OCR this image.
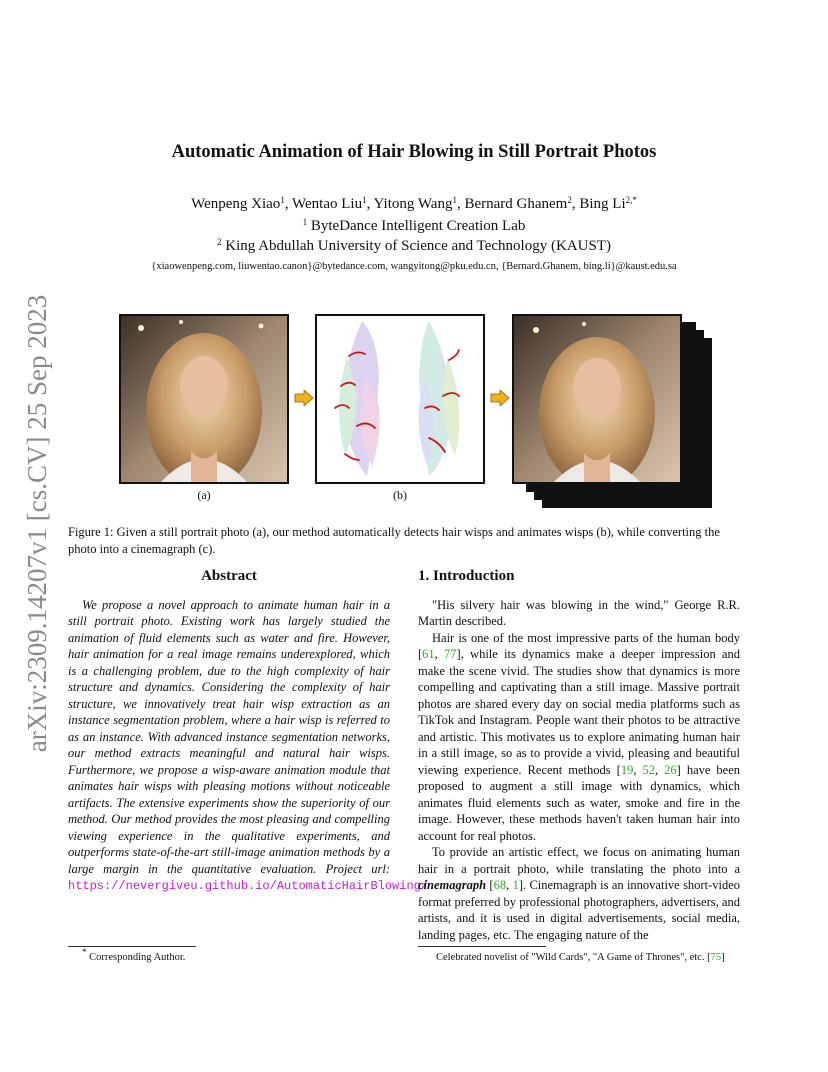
arXiv:2309.14207v1 [cs.CV] 25 Sep 2023
Automatic Animation of Hair Blowing in Still Portrait Photos
Wenpeng Xiao$^1$, Wentao Liu$^1$, Yitong Wang$^1$, Bernard Ghanem$^2$, Bing $Li^{2,*}$
$^1$ ByteDance Intelligent Creation Lab
$^2$ King Abdullah University of Science and Technology (KAUST)
{xiaowenpeng.com, liuwentao.canon}@bytedance.com, wangyitong@pku.edu.cn, {Bernard.Ghanem, bing.li}@kaust.edu.sa
(a)	(b)	(c)
Figure 1: Given a still portrait photo (a), our method automatically detects hair wisps and animates wisps (b), while converting the photo into a cinemagraph (c).
Abstract

We propose a novel approach to animate human hair in a still portrait photo. Existing work has largely studied the animation of fluid elements such as water and fire. However, hair animation for a real image remains underexplored, which is a challenging problem, due to the high complexity of hair structure and dynamics. Considering the complexity of hair structure, we innovatively treat hair wisp extraction as an instance segmentation problem, where a hair wisp is referred to as an instance. With advanced instance segmentation networks, our method extracts meaningful and natural hair wisps. Furthermore, we propose a wisp-aware animation module that animates hair wisps with pleasing motions without noticeable artifacts. The extensive experiments show the superiority of our method. Our method provides the most pleasing and compelling viewing experience in the qualitative experiments, and outperforms state-of-the-art still-image animation methods by a large margin in the quantitative evaluation. Project url: https://nevergiveu.github.io/AutomaticHairBlowing/

1. Introduction

"His silvery hair was blowing in the wind," George R.R. Martin described.

Hair is one of the most impressive parts of the human body [61, 77], while its dynamics make a deeper impression and make the scene vivid. The studies show that dynamics is more compelling and captivating than a still image. Massive portrait photos are shared every day on social media platforms such as TikTok and Instagram. People want their photos to be attractive and artistic. This motivates us to explore animating human hair in a still image, so as to provide a vivid, pleasing and beautiful viewing experience. Recent methods [19, 52, 26] have been proposed to augment a still image with dynamics, which animates fluid elements such as water, smoke and fire in the image. However, these methods haven't taken human hair into account for real photos.

To provide an artistic effect, we focus on animating human hair in a portrait photo, while translating the photo into a cinemagraph [68, 1]. Cinemagraph is an innovative short-video format preferred by professional photographers, advertisers, and artists, and it is used in digital advertisements, social media, landing pages, etc. The engaging nature of the

* Corresponding Author.	Celebrated novelist of "Wild Cards", "A Game of Thrones", etc. [75]
